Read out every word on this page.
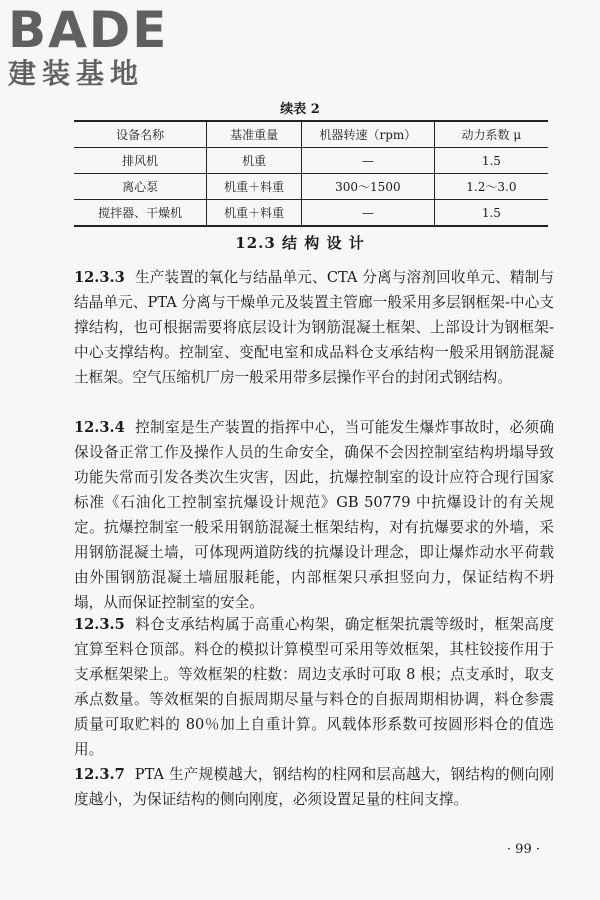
BADE
建装基地
续表 2
设备名称	基准重量	机器转速（rpm）	动力系数 μ
排风机	机重	—	1.5
离心泵	机重＋料重	300～1500	1.2～3.0
搅拌器、干燥机	机重＋料重	—	1.5
12.3 结 构 设 计

12.3.3 生产装置的氧化与结晶单元、CTA 分离与溶剂回收单元、精制与结晶单元、PTA 分离与干燥单元及装置主管廊一般采用多层钢框架-中心支撑结构，也可根据需要将底层设计为钢筋混凝土框架、上部设计为钢框架-中心支撑结构。控制室、变配电室和成品料仓支承结构一般采用钢筋混凝土框架。空气压缩机厂房一般采用带多层操作平台的封闭式钢结构。

12.3.4 控制室是生产装置的指挥中心，当可能发生爆炸事故时，必须确保设备正常工作及操作人员的生命安全，确保不会因控制室结构坍塌导致功能失常而引发各类次生灾害，因此，抗爆控制室的设计应符合现行国家标准《石油化工控制室抗爆设计规范》GB 50779 中抗爆设计的有关规定。抗爆控制室一般采用钢筋混凝土框架结构，对有抗爆要求的外墙，采用钢筋混凝土墙，可体现两道防线的抗爆设计理念，即让爆炸动水平荷载由外围钢筋混凝土墙屈服耗能，内部框架只承担竖向力，保证结构不坍塌，从而保证控制室的安全。

12.3.5 料仓支承结构属于高重心构架，确定框架抗震等级时，框架高度宜算至料仓顶部。料仓的模拟计算模型可采用等效框架，其柱铰接作用于支承框架梁上。等效框架的柱数：周边支承时可取 8 根；点支承时，取支承点数量。等效框架的自振周期尽量与料仓的自振周期相协调，料仓参震质量可取贮料的 80％加上自重计算。风载体形系数可按圆形料仓的值选用。

12.3.7 PTA 生产规模越大，钢结构的柱网和层高越大，钢结构的侧向刚度越小，为保证结构的侧向刚度，必须设置足量的柱间支撑。

· 99 ·
